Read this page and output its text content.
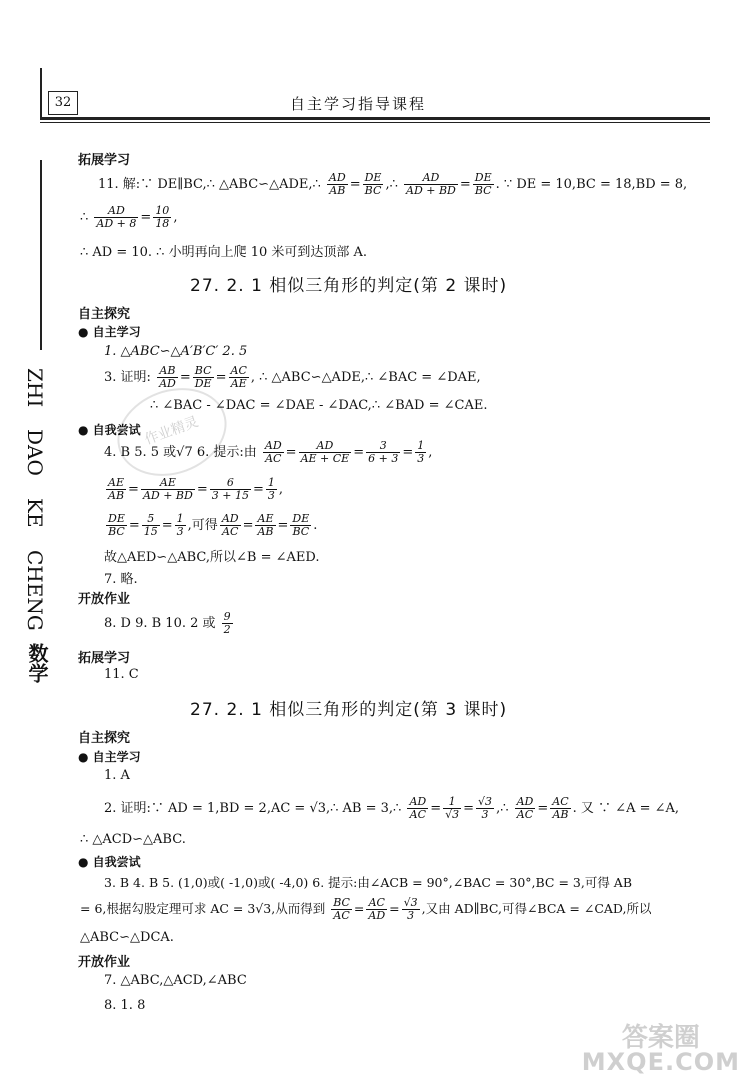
32	自主学习指导课程
ZHI
DAO
KE
CHENG
数学
作业精灵
拓展学习
11. 解:∵ DE∥BC,∴ △ABC∽△ADE,∴ $\frac{AD}{AB} = \frac{DE}{BC}$ ,∴ $\frac{AD}{AD + BD} = \frac{DE}{BC}$ . ∵ DE = 10,BC = 18,BD = 8,
∴ $\frac{AD}{AD + 8} = \frac{10}{18}$ ,
∴ AD = 10. ∴ 小明再向上爬 10 米可到达顶部 A.
27. 2. 1 相似三角形的判定(第 2 课时)
自主探究
● 自主学习
1. △ABC∽△A′B′C′ 2. 5
3. 证明: $\frac{AB}{AD} = \frac{BC}{DE} = \frac{AC}{AE}$ , ∴ △ABC∽△ADE,∴ ∠BAC = ∠DAE,
∴ ∠BAC - ∠DAC = ∠DAE - ∠DAC,∴ ∠BAD = ∠CAE.
● 自我尝试
4. B 5. 5 或√7 6. 提示:由 $\frac{AD}{AC} = \frac{AD}{AE + CE} = \frac{3}{6 + 3} = \frac{1}{3}$ ,
$\frac{AE}{AB} = \frac{AE}{AD + BD} = \frac{6}{3 + 15} = \frac{1}{3}$ ,
$\frac{DE}{BC} = \frac{5}{15} = \frac{1}{3}$ ,可得 $\frac{AD}{AC} = \frac{AE}{AB} = \frac{DE}{BC}$ .
故△AED∽△ABC,所以∠B = ∠AED.
7. 略.
开放作业
8. D 9. B 10. 2 或 $\frac{9}{2}$
拓展学习
11. C
27. 2. 1 相似三角形的判定(第 3 课时)
自主探究
● 自主学习
1. A
2. 证明:∵ AD = 1,BD = 2,AC = √3,∴ AB = 3,∴ $\frac{AD}{AC} = \frac{1}{√3} = \frac{√3}{3}$ ,∴ $\frac{AD}{AC} = \frac{AC}{AB}$ . 又 ∵ ∠A = ∠A,
∴ △ACD∽△ABC.
● 自我尝试
3. B 4. B 5. (1,0)或( -1,0)或( -4,0) 6. 提示:由∠ACB = 90°,∠BAC = 30°,BC = 3,可得 AB
= 6,根据勾股定理可求 AC = 3√3,从而得到 $\frac{BC}{AC} = \frac{AC}{AD} = \frac{√3}{3}$ ,又由 AD∥BC,可得∠BCA = ∠CAD,所以
△ABC∽△DCA.
开放作业
7. △ABC,△ACD,∠ABC
8. 1. 8
答案圈
MXQE.COM
